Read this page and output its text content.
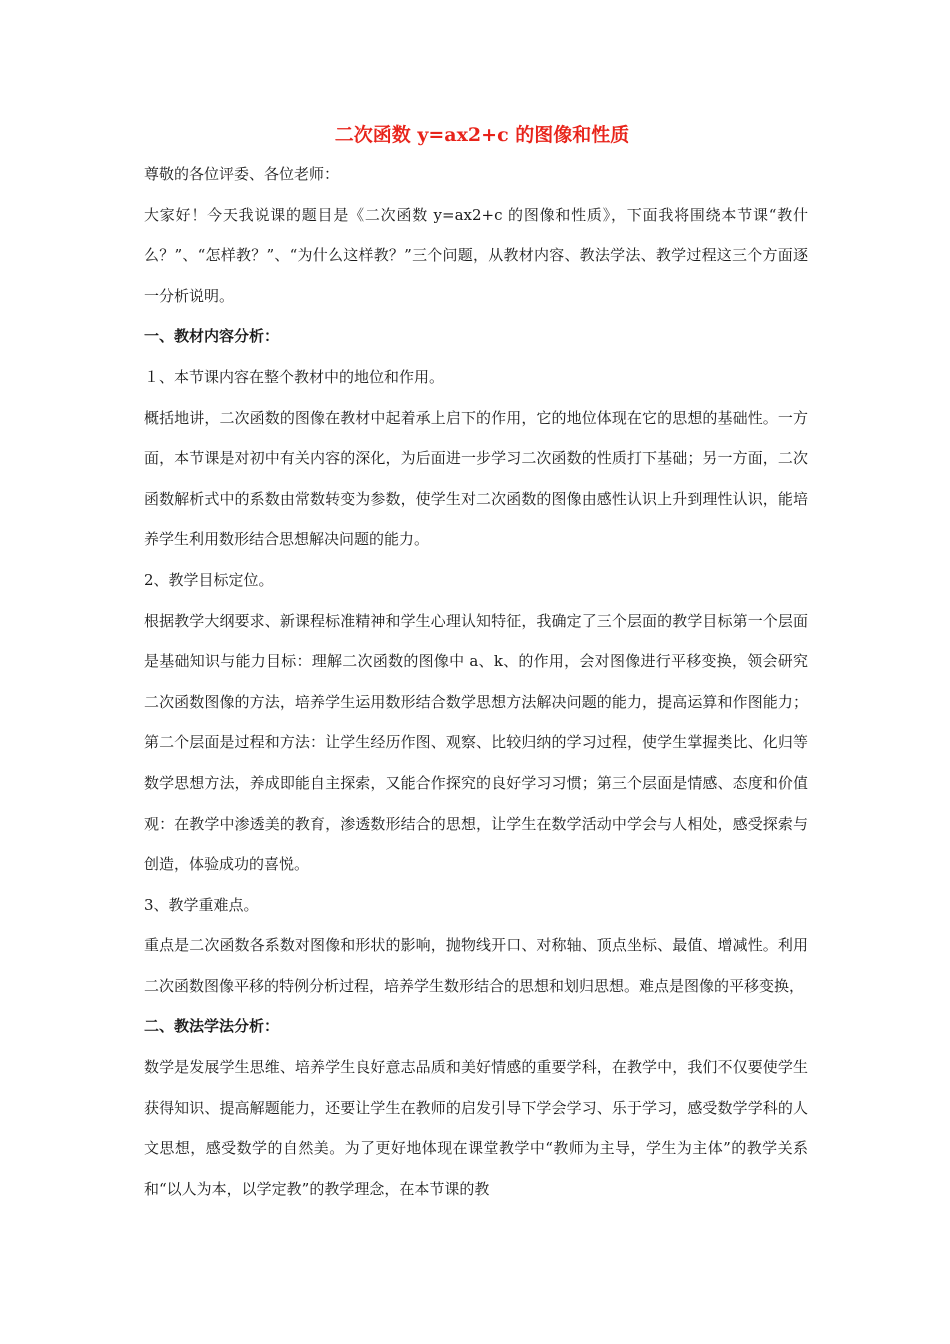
二次函数 y=ax2+c 的图像和性质

尊敬的各位评委、各位老师：

大家好！今天我说课的题目是《二次函数 y=ax2+c 的图像和性质》，下面我将围绕本节课“教什么？”、“怎样教？”、“为什么这样教？”三个问题，从教材内容、教法学法、教学过程这三个方面逐一分析说明。

一、教材内容分析：

１、本节课内容在整个教材中的地位和作用。

概括地讲，二次函数的图像在教材中起着承上启下的作用，它的地位体现在它的思想的基础性。一方面，本节课是对初中有关内容的深化，为后面进一步学习二次函数的性质打下基础；另一方面，二次函数解析式中的系数由常数转变为参数，使学生对二次函数的图像由感性认识上升到理性认识，能培养学生利用数形结合思想解决问题的能力。

2、教学目标定位。

根据教学大纲要求、新课程标准精神和学生心理认知特征，我确定了三个层面的教学目标第一个层面是基础知识与能力目标：理解二次函数的图像中 a、k、的作用，会对图像进行平移变换，领会研究二次函数图像的方法，培养学生运用数形结合数学思想方法解决问题的能力，提高运算和作图能力；第二个层面是过程和方法：让学生经历作图、观察、比较归纳的学习过程，使学生掌握类比、化归等数学思想方法，养成即能自主探索，又能合作探究的良好学习习惯；第三个层面是情感、态度和价值观：在教学中渗透美的教育，渗透数形结合的思想，让学生在数学活动中学会与人相处，感受探索与创造，体验成功的喜悦。

3、教学重难点。

重点是二次函数各系数对图像和形状的影响，抛物线开口、对称轴、顶点坐标、最值、增减性。利用二次函数图像平移的特例分析过程，培养学生数形结合的思想和划归思想。难点是图像的平移变换，

二、教法学法分析：

数学是发展学生思维、培养学生良好意志品质和美好情感的重要学科，在教学中，我们不仅要使学生获得知识、提高解题能力，还要让学生在教师的启发引导下学会学习、乐于学习，感受数学学科的人文思想，感受数学的自然美。为了更好地体现在课堂教学中“教师为主导，学生为主体”的教学关系和“以人为本，以学定教”的教学理念，在本节课的教
